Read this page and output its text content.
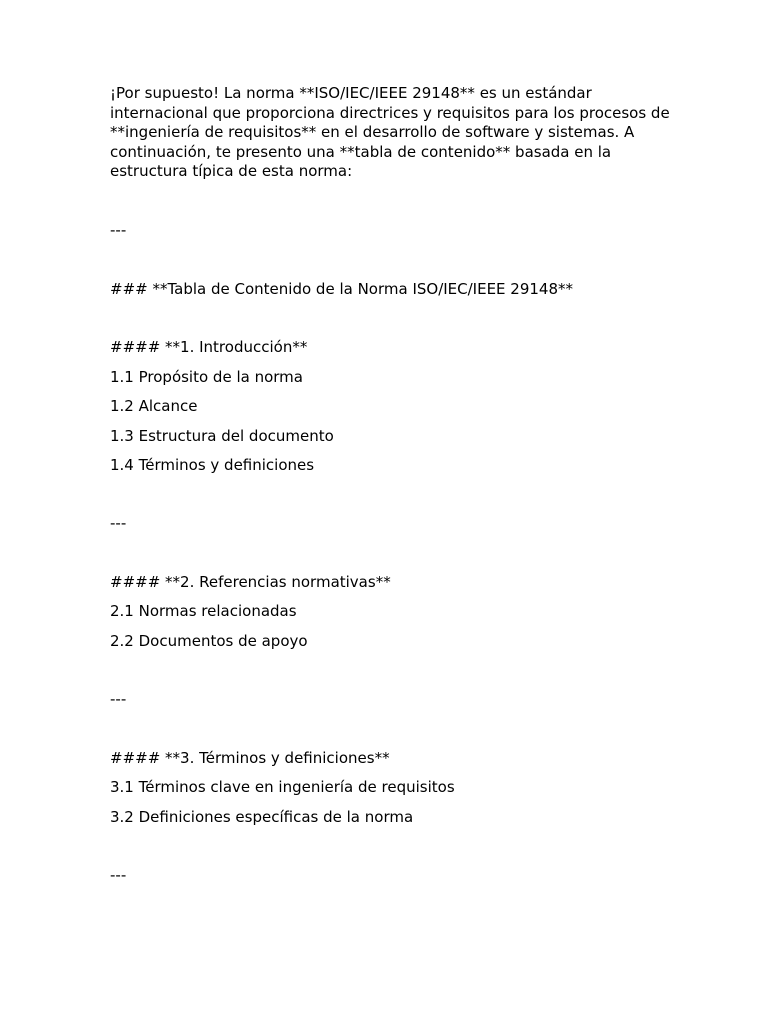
¡Por supuesto! La norma **ISO/IEC/IEEE 29148** es un estándar internacional que proporciona directrices y requisitos para los procesos de **ingeniería de requisitos** en el desarrollo de software y sistemas. A continuación, te presento una **tabla de contenido** basada en la estructura típica de esta norma:

---
### **Tabla de Contenido de la Norma ISO/IEC/IEEE 29148**
#### **1. Introducción**
1.1 Propósito de la norma
1.2 Alcance
1.3 Estructura del documento
1.4 Términos y definiciones
---
#### **2. Referencias normativas**
2.1 Normas relacionadas
2.2 Documentos de apoyo
---
#### **3. Términos y definiciones**
3.1 Términos clave en ingeniería de requisitos
3.2 Definiciones específicas de la norma
---
